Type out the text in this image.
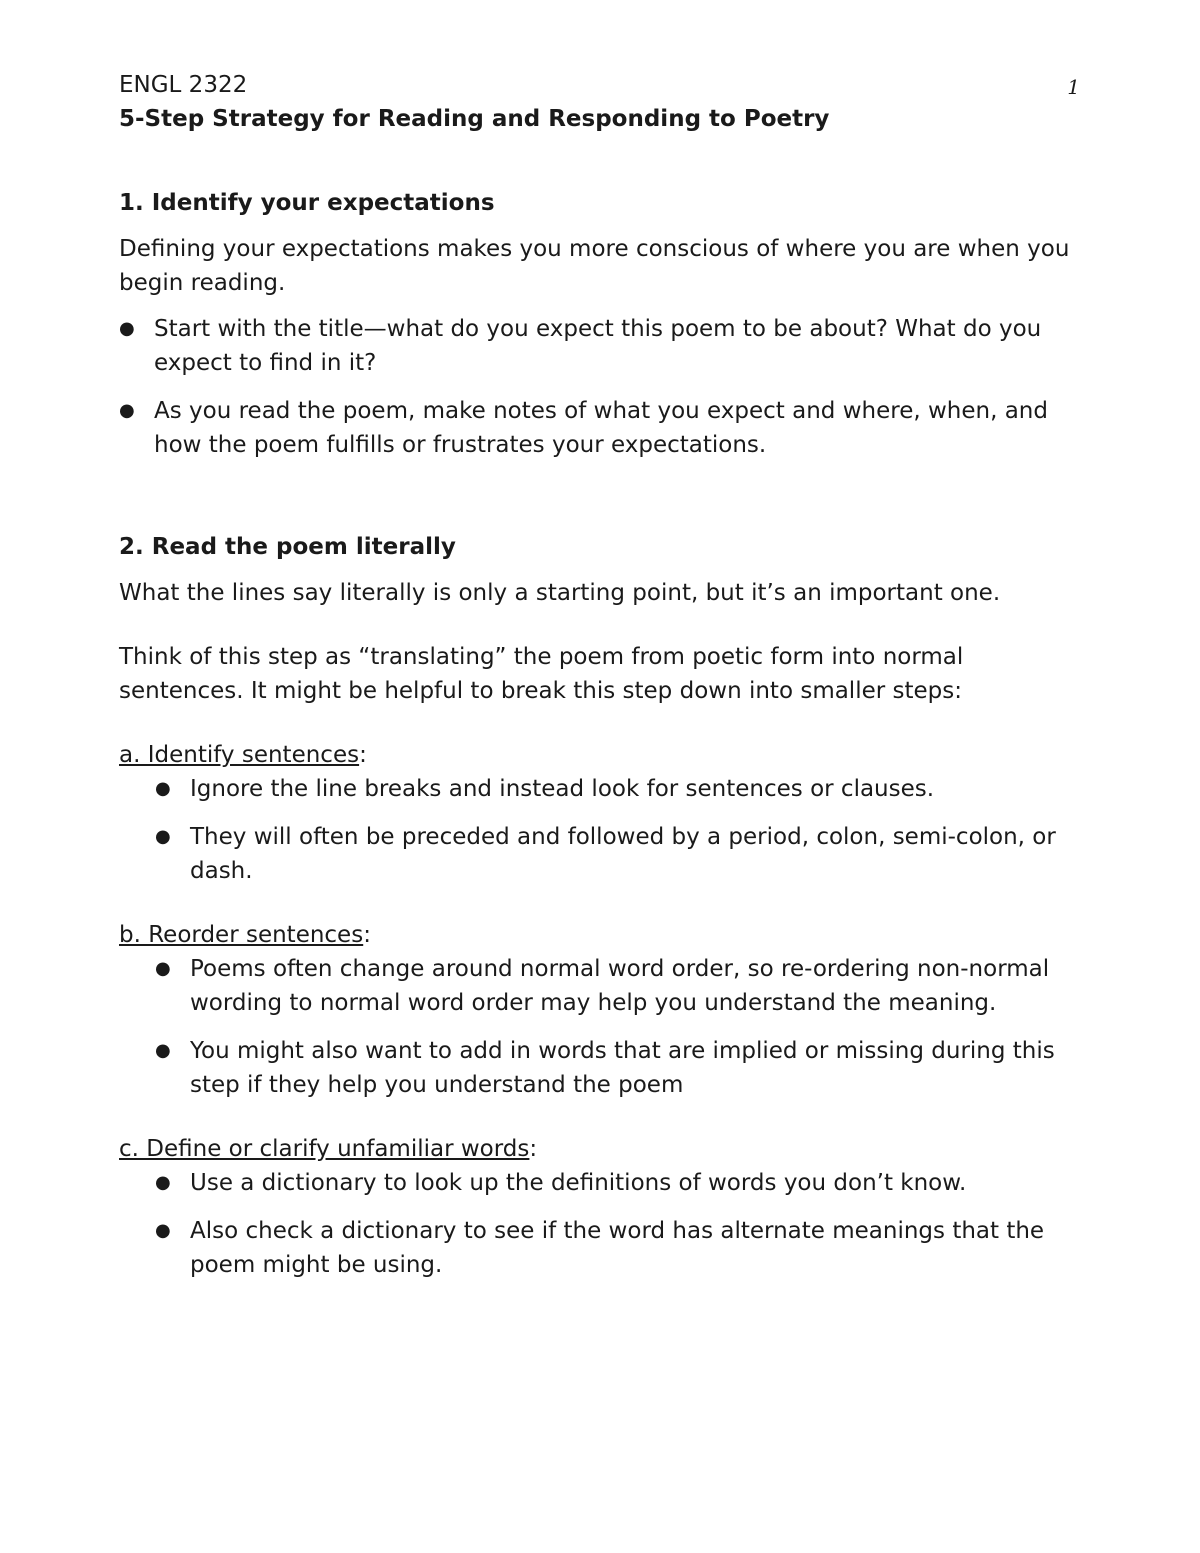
1

ENGL 2322

5-Step Strategy for Reading and Responding to Poetry

1. Identify your expectations

Defining your expectations makes you more conscious of where you are when you begin reading.

● Start with the title—what do you expect this poem to be about? What do you expect to find in it?
● As you read the poem, make notes of what you expect and where, when, and how the poem fulfills or frustrates your expectations.

2. Read the poem literally

What the lines say literally is only a starting point, but it’s an important one.

Think of this step as “translating” the poem from poetic form into normal sentences. It might be helpful to break this step down into smaller steps:

a. Identify sentences:

● Ignore the line breaks and instead look for sentences or clauses.
● They will often be preceded and followed by a period, colon, semi-colon, or dash.

b. Reorder sentences:

● Poems often change around normal word order, so re-ordering non-normal wording to normal word order may help you understand the meaning.
● You might also want to add in words that are implied or missing during this step if they help you understand the poem

c. Define or clarify unfamiliar words:

● Use a dictionary to look up the definitions of words you don’t know.
● Also check a dictionary to see if the word has alternate meanings that the poem might be using.
